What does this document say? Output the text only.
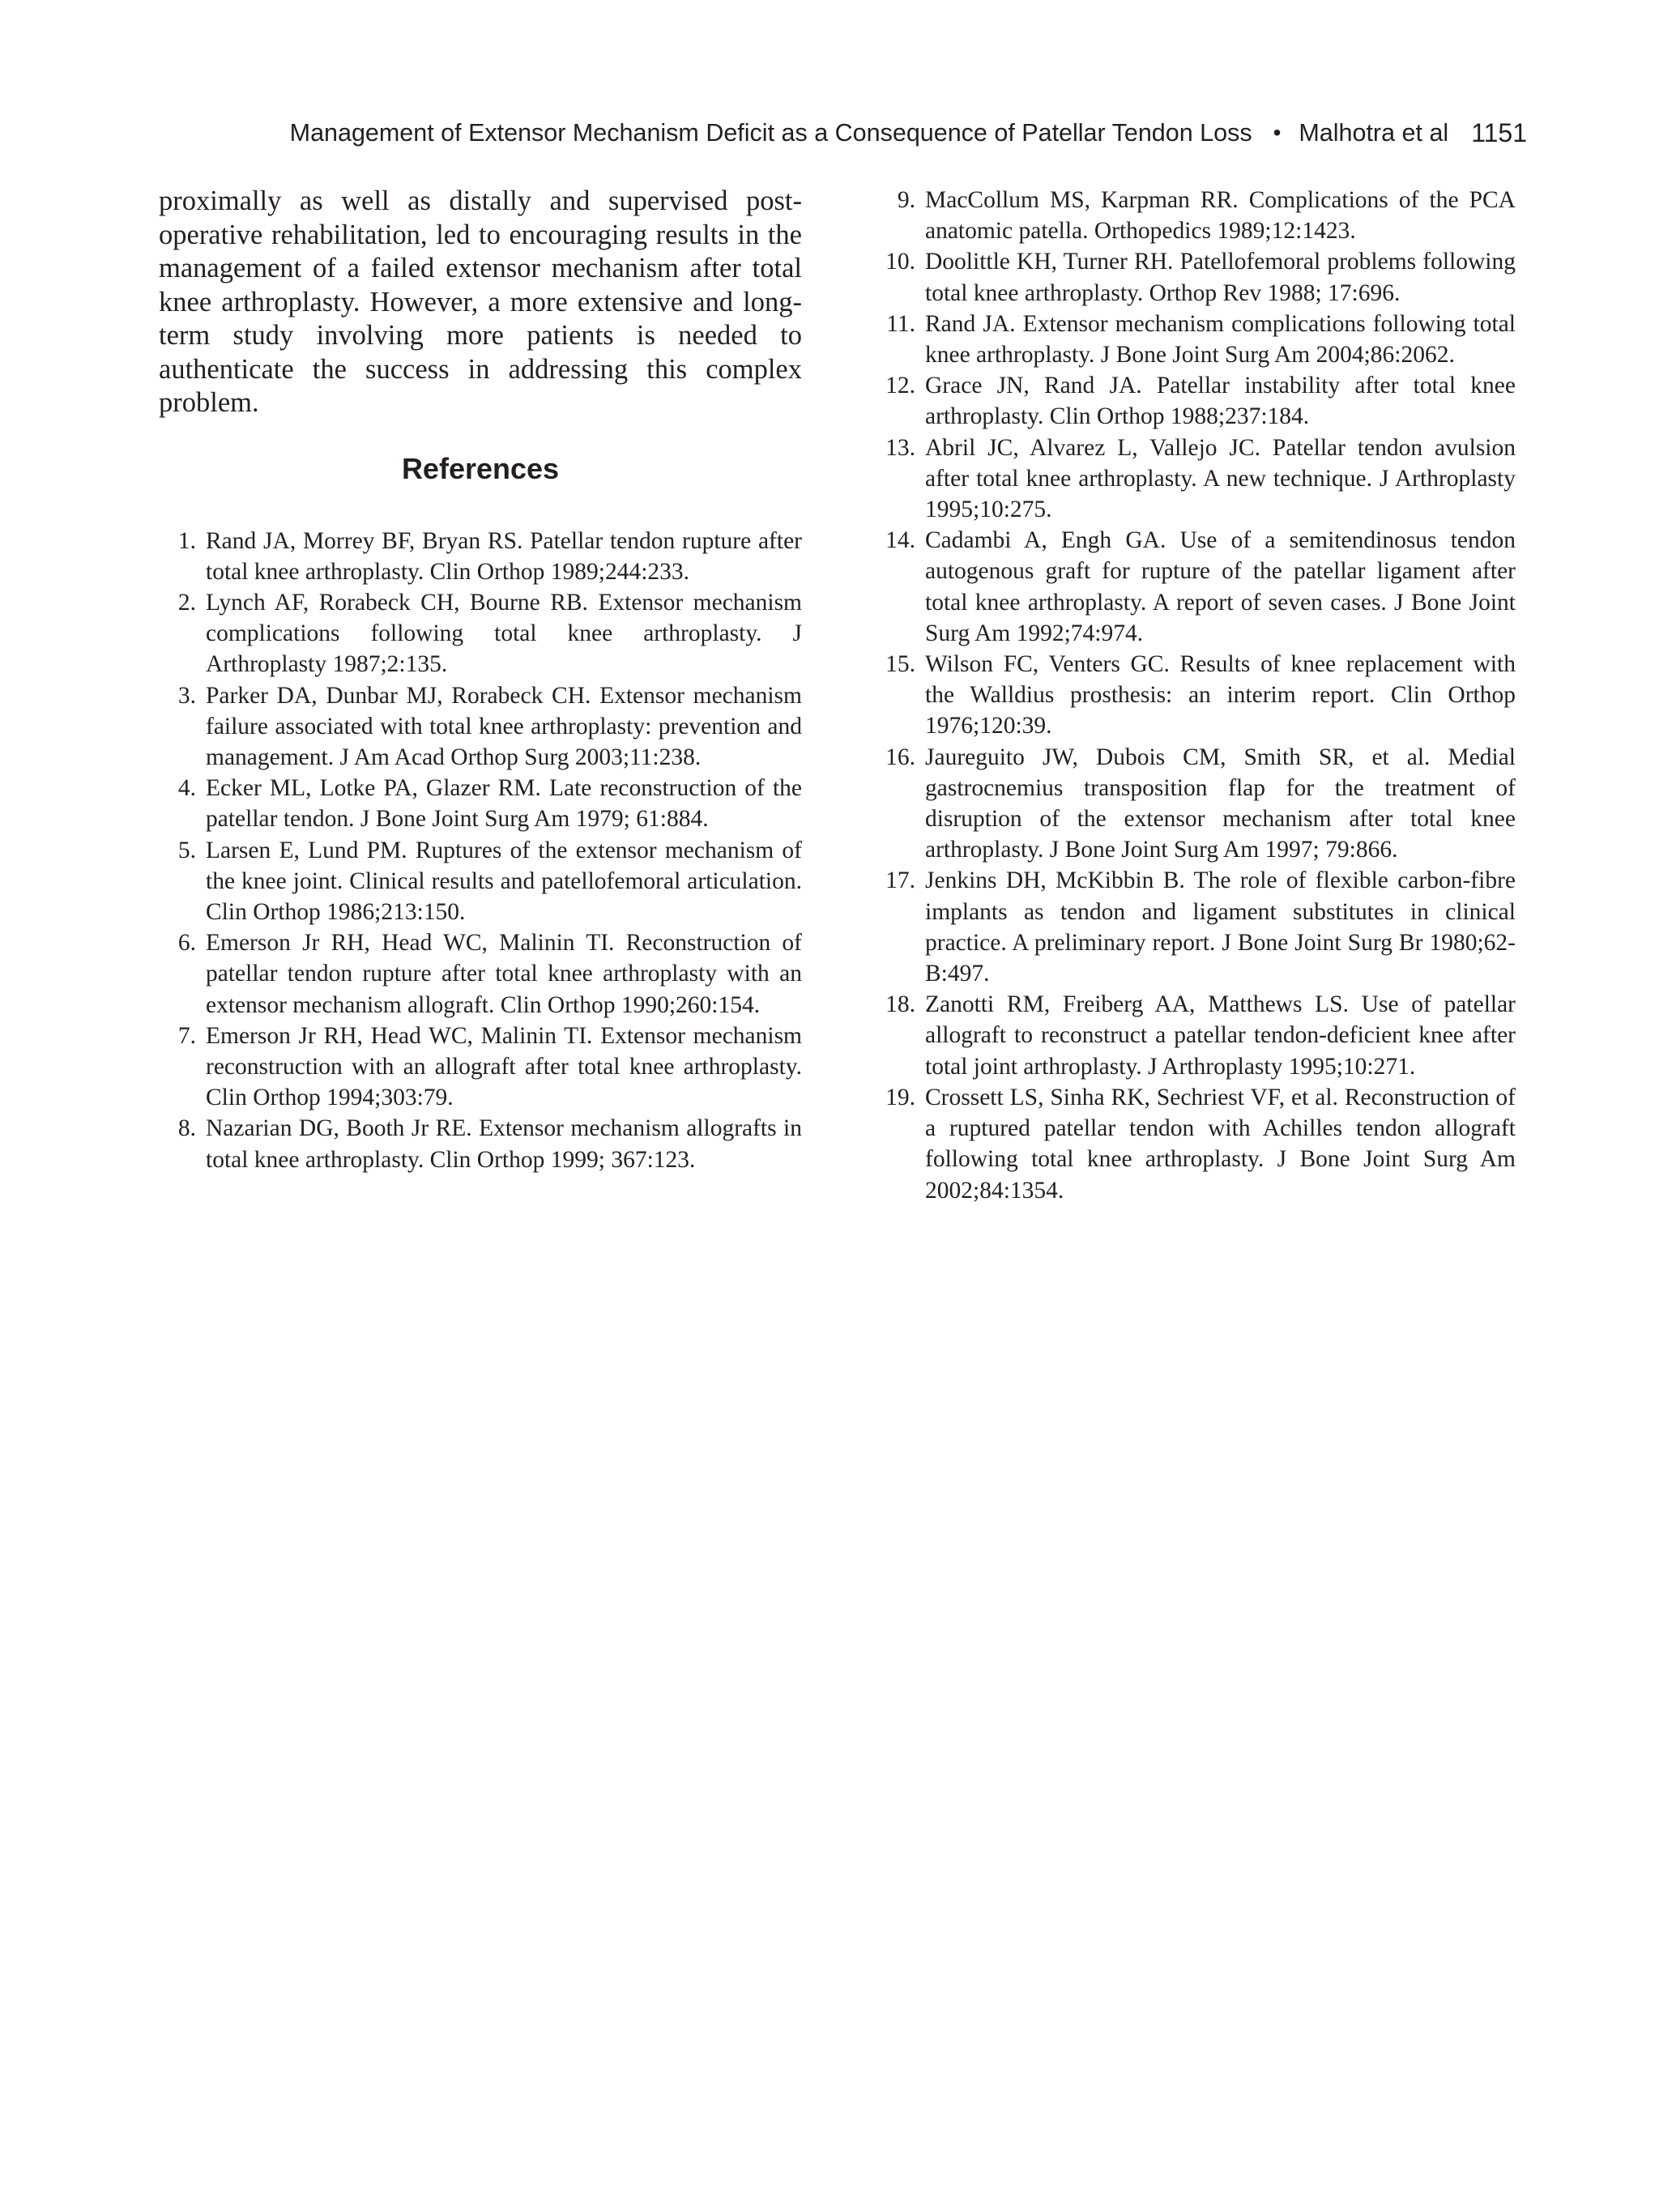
Management of Extensor Mechanism Deficit as a Consequence of Patellar Tendon Loss • Malhotra et al 1151

proximally as well as distally and supervised post-operative rehabilitation, led to encouraging results in the management of a failed extensor mechanism after total knee arthroplasty. However, a more extensive and long-term study involving more patients is needed to authenticate the success in addressing this complex problem.

References
1. Rand JA, Morrey BF, Bryan RS. Patellar tendon rupture after total knee arthroplasty. Clin Orthop 1989;244:233.
2. Lynch AF, Rorabeck CH, Bourne RB. Extensor mechanism complications following total knee arthroplasty. J Arthroplasty 1987;2:135.
3. Parker DA, Dunbar MJ, Rorabeck CH. Extensor mechanism failure associated with total knee arthroplasty: prevention and management. J Am Acad Orthop Surg 2003;11:238.
4. Ecker ML, Lotke PA, Glazer RM. Late reconstruction of the patellar tendon. J Bone Joint Surg Am 1979; 61:884.
5. Larsen E, Lund PM. Ruptures of the extensor mechanism of the knee joint. Clinical results and patellofemoral articulation. Clin Orthop 1986;213:150.
6. Emerson Jr RH, Head WC, Malinin TI. Reconstruction of patellar tendon rupture after total knee arthroplasty with an extensor mechanism allograft. Clin Orthop 1990;260:154.
7. Emerson Jr RH, Head WC, Malinin TI. Extensor mechanism reconstruction with an allograft after total knee arthroplasty. Clin Orthop 1994;303:79.
8. Nazarian DG, Booth Jr RE. Extensor mechanism allografts in total knee arthroplasty. Clin Orthop 1999; 367:123.
9. MacCollum MS, Karpman RR. Complications of the PCA anatomic patella. Orthopedics 1989;12:1423.
10. Doolittle KH, Turner RH. Patellofemoral problems following total knee arthroplasty. Orthop Rev 1988; 17:696.
11. Rand JA. Extensor mechanism complications following total knee arthroplasty. J Bone Joint Surg Am 2004;86:2062.
12. Grace JN, Rand JA. Patellar instability after total knee arthroplasty. Clin Orthop 1988;237:184.
13. Abril JC, Alvarez L, Vallejo JC. Patellar tendon avulsion after total knee arthroplasty. A new technique. J Arthroplasty 1995;10:275.
14. Cadambi A, Engh GA. Use of a semitendinosus tendon autogenous graft for rupture of the patellar ligament after total knee arthroplasty. A report of seven cases. J Bone Joint Surg Am 1992;74:974.
15. Wilson FC, Venters GC. Results of knee replacement with the Walldius prosthesis: an interim report. Clin Orthop 1976;120:39.
16. Jaureguito JW, Dubois CM, Smith SR, et al. Medial gastrocnemius transposition flap for the treatment of disruption of the extensor mechanism after total knee arthroplasty. J Bone Joint Surg Am 1997; 79:866.
17. Jenkins DH, McKibbin B. The role of flexible carbon-fibre implants as tendon and ligament substitutes in clinical practice. A preliminary report. J Bone Joint Surg Br 1980;62-B:497.
18. Zanotti RM, Freiberg AA, Matthews LS. Use of patellar allograft to reconstruct a patellar tendon-deficient knee after total joint arthroplasty. J Arthroplasty 1995;10:271.
19. Crossett LS, Sinha RK, Sechriest VF, et al. Reconstruction of a ruptured patellar tendon with Achilles tendon allograft following total knee arthroplasty. J Bone Joint Surg Am 2002;84:1354.
